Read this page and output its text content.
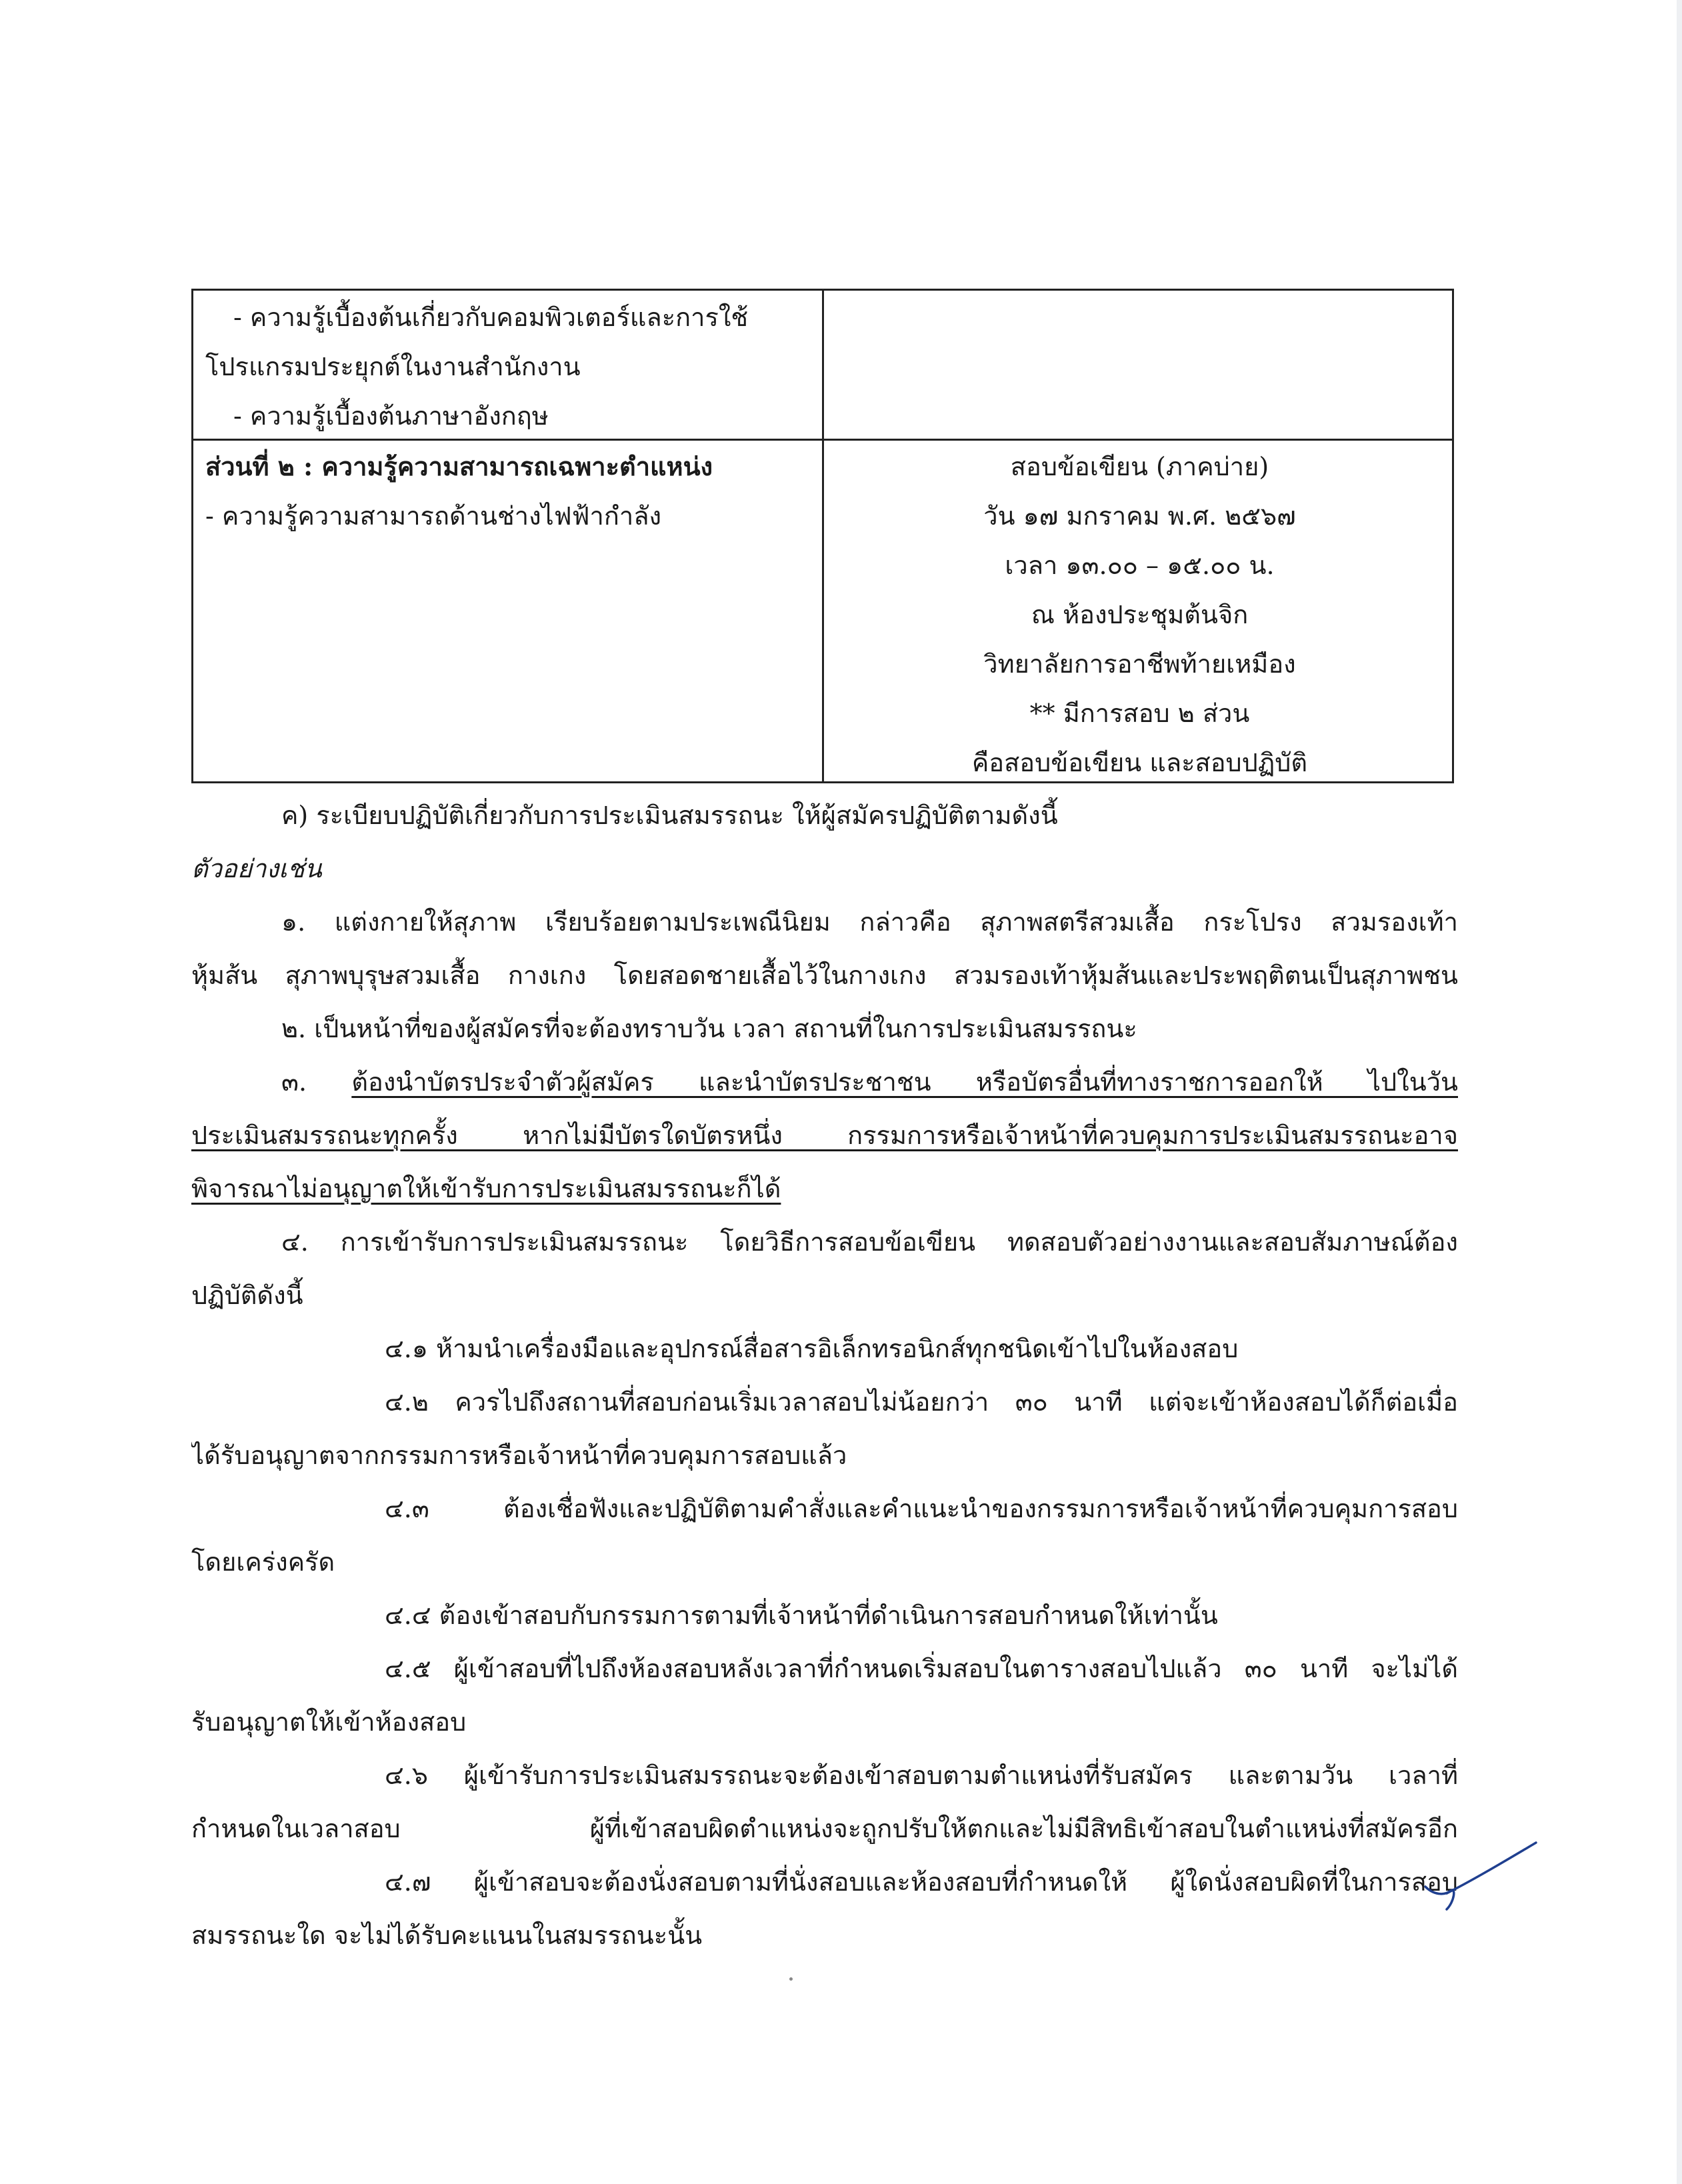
- ความรู้เบื้องต้นเกี่ยวกับคอมพิวเตอร์และการใช้
โปรแกรมประยุกต์ในงานสำนักงาน
- ความรู้เบื้องต้นภาษาอังกฤษ
ส่วนที่ ๒ : ความรู้ความสามารถเฉพาะตำแหน่ง
- ความรู้ความสามารถด้านช่างไฟฟ้ากำลัง
สอบข้อเขียน (ภาคบ่าย)
วัน ๑๗ มกราคม พ.ศ. ๒๕๖๗
เวลา ๑๓.๐๐ – ๑๕.๐๐ น.
ณ ห้องประชุมต้นจิก
วิทยาลัยการอาชีพท้ายเหมือง
** มีการสอบ ๒ ส่วน
คือสอบข้อเขียน และสอบปฏิบัติ
ค) ระเบียบปฏิบัติเกี่ยวกับการประเมินสมรรถนะ ให้ผู้สมัครปฏิบัติตามดังนี้
ตัวอย่างเช่น
๑. แต่งกายให้สุภาพ เรียบร้อยตามประเพณีนิยม กล่าวคือ สุภาพสตรีสวมเสื้อ กระโปรง สวมรองเท้า
หุ้มส้น สุภาพบุรุษสวมเสื้อ กางเกง โดยสอดชายเสื้อไว้ในกางเกง สวมรองเท้าหุ้มส้นและประพฤติตนเป็นสุภาพชน
๒. เป็นหน้าที่ของผู้สมัครที่จะต้องทราบวัน เวลา สถานที่ในการประเมินสมรรถนะ
๓. ต้องนำบัตรประจำตัวผู้สมัคร และนำบัตรประชาชน หรือบัตรอื่นที่ทางราชการออกให้ ไปในวัน
ประเมินสมรรถนะทุกครั้ง หากไม่มีบัตรใดบัตรหนึ่ง กรรมการหรือเจ้าหน้าที่ควบคุมการประเมินสมรรถนะอาจ
พิจารณาไม่อนุญาตให้เข้ารับการประเมินสมรรถนะก็ได้
๔. การเข้ารับการประเมินสมรรถนะ โดยวิธีการสอบข้อเขียน ทดสอบตัวอย่างงานและสอบสัมภาษณ์ต้อง
ปฏิบัติดังนี้
๔.๑ ห้ามนำเครื่องมือและอุปกรณ์สื่อสารอิเล็กทรอนิกส์ทุกชนิดเข้าไปในห้องสอบ
๔.๒ ควรไปถึงสถานที่สอบก่อนเริ่มเวลาสอบไม่น้อยกว่า ๓๐ นาที แต่จะเข้าห้องสอบได้ก็ต่อเมื่อ
ได้รับอนุญาตจากกรรมการหรือเจ้าหน้าที่ควบคุมการสอบแล้ว
๔.๓ ต้องเชื่อฟังและปฏิบัติตามคำสั่งและคำแนะนำของกรรมการหรือเจ้าหน้าที่ควบคุมการสอบ
โดยเคร่งครัด
๔.๔ ต้องเข้าสอบกับกรรมการตามที่เจ้าหน้าที่ดำเนินการสอบกำหนดให้เท่านั้น
๔.๕ ผู้เข้าสอบที่ไปถึงห้องสอบหลังเวลาที่กำหนดเริ่มสอบในตารางสอบไปแล้ว ๓๐ นาที จะไม่ได้
รับอนุญาตให้เข้าห้องสอบ
๔.๖ ผู้เข้ารับการประเมินสมรรถนะจะต้องเข้าสอบตามตำแหน่งที่รับสมัคร และตามวัน เวลาที่
กำหนดในเวลาสอบ ผู้ที่เข้าสอบผิดตำแหน่งจะถูกปรับให้ตกและไม่มีสิทธิเข้าสอบในตำแหน่งที่สมัครอีก
๔.๗ ผู้เข้าสอบจะต้องนั่งสอบตามที่นั่งสอบและห้องสอบที่กำหนดให้ ผู้ใดนั่งสอบผิดที่ในการสอบ
สมรรถนะใด จะไม่ได้รับคะแนนในสมรรถนะนั้น
